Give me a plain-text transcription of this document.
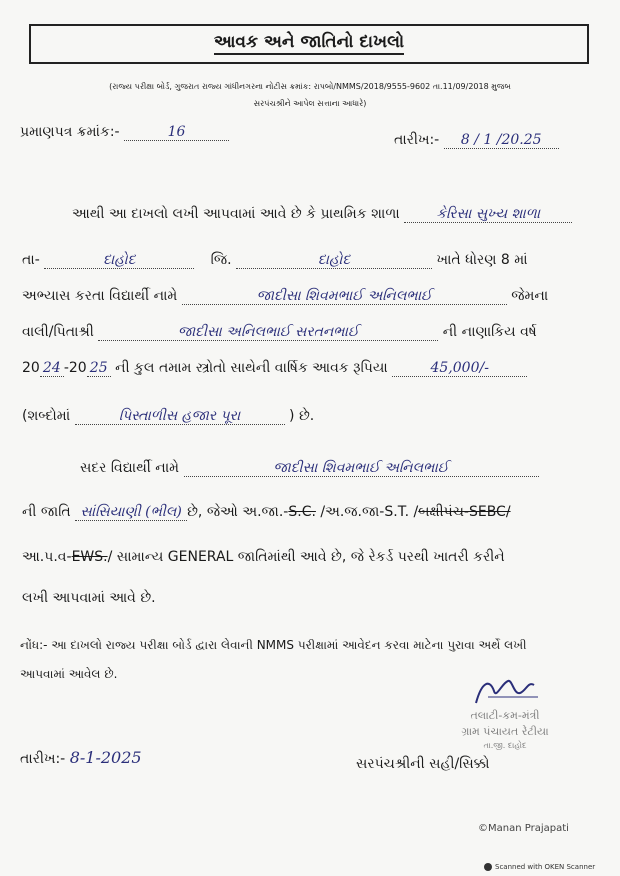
આવક અને જાતિનો દાખલો
(રાજ્ય પરીક્ષા બોર્ડ, ગુજરાત રાજ્ય ગાંધીનગરના નોટીસ ક્રમાંક: રાપબો/NMMS/2018/9555-9602 તા.11/09/2018 મુજબ
સરપંચશ્રીને આપેલ સત્તાના આધારે)
પ્રમાણપત્ર ક્રમાંક:-	16	તારીખ:- 8 / 1 /20.25
આથી આ દાખલો લખી આપવામાં આવે છે કે પ્રાથમિક શાળા	કેરિસા સુખ્ય શાળા
તા-	દાહોદ	જિ.	દાહોદ	ખાતે ધોરણ 8 માં
અભ્યાસ કરતા વિદ્યાર્થી નામે	જાદીસા શિવમભાઈ અનિલભાઈ	જેમના
વાલી/પિતાશ્રી	જાદીસા અનિલભાઈ સરતનભાઈ	ની નાણાકિય વર્ષ
20 24 -20 25 ની કુલ તમામ સ્ત્રોતો સાથેની વાર્ષિક આવક રૂપિયા	45,000/-
(શબ્દોમાં	પિસ્તાળીસ હજાર પૂરા	) છે.
સદર વિદ્યાર્થી નામે	જાદીસા શિવમભાઈ અનિલભાઈ
ની જાતિ સાંસિયાણી (ભીલ) છે, જેઓ અ.જા.-S.C. /અ.જ.જા-S.T. /બક્ષીપંચ-SEBC/
આ.પ.વ-EWS./ સામાન્ય GENERAL જાતિમાંથી આવે છે, જે રેકર્ડ પરથી ખાતરી કરીને
લખી આપવામાં આવે છે.
નોંધ:- આ દાખલો રાજ્ય પરીક્ષા બોર્ડ દ્વારા લેવાની NMMS પરીક્ષામાં આવેદન કરવા માટેના પુરાવા અર્થે લખી
આપવામાં આવેલ છે.
તલાટી-કમ-મંત્રી
ગ્રામ પંચાયત રેટીયા
તા.જી. દાહોદ
તારીખ:- 8-1-2025	સરપંચશ્રીની સહી/સિક્કો
©Manan Prajapati
Scanned with OKEN Scanner
